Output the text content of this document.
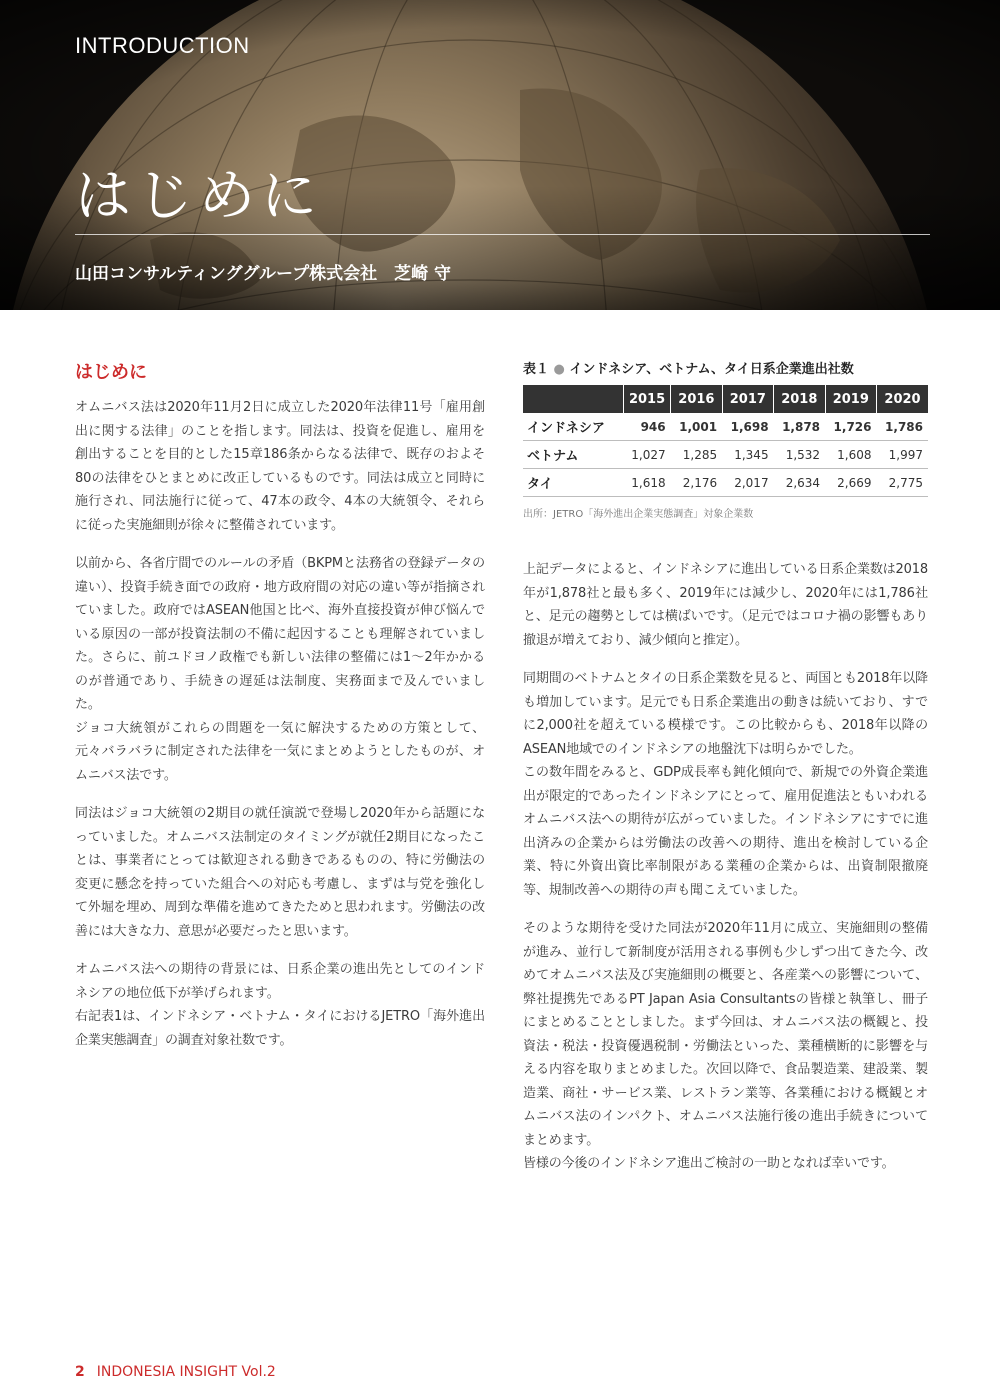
INTRODUCTION
はじめに

山田コンサルティンググループ株式会社　芝崎 守

はじめに

オムニバス法は2020年11月2日に成立した2020年法律11号「雇用創出に関する法律」のことを指します。同法は、投資を促進し、雇用を創出することを目的とした15章186条からなる法律で、既存のおよそ80の法律をひとまとめに改正しているものです。同法は成立と同時に施行され、同法施行に従って、47本の政令、4本の大統領令、それらに従った実施細則が徐々に整備されています。

以前から、各省庁間でのルールの矛盾（BKPMと法務省の登録データの違い）、投資手続き面での政府・地方政府間の対応の違い等が指摘されていました。政府ではASEAN他国と比べ、海外直接投資が伸び悩んでいる原因の一部が投資法制の不備に起因することも理解されていました。さらに、前ユドヨノ政権でも新しい法律の整備には1〜2年かかるのが普通であり、手続きの遅延は法制度、実務面まで及んでいました。

ジョコ大統領がこれらの問題を一気に解決するための方策として、元々バラバラに制定された法律を一気にまとめようとしたものが、オムニバス法です。

同法はジョコ大統領の2期目の就任演説で登場し2020年から話題になっていました。オムニバス法制定のタイミングが就任2期目になったことは、事業者にとっては歓迎される動きであるものの、特に労働法の変更に懸念を持っていた組合への対応も考慮し、まずは与党を強化して外堀を埋め、周到な準備を進めてきたためと思われます。労働法の改善には大きな力、意思が必要だったと思います。

オムニバス法への期待の背景には、日系企業の進出先としてのインドネシアの地位低下が挙げられます。

右記表1は、インドネシア・ベトナム・タイにおけるJETRO「海外進出企業実態調査」の調査対象社数です。

表１ ● インドネシア、ベトナム、タイ日系企業進出社数

	2015	2016	2017	2018	2019	2020
インドネシア	946	1,001	1,698	1,878	1,726	1,786
ベトナム	1,027	1,285	1,345	1,532	1,608	1,997
タイ	1,618	2,176	2,017	2,634	2,669	2,775

出所：JETRO「海外進出企業実態調査」対象企業数

上記データによると、インドネシアに進出している日系企業数は2018年が1,878社と最も多く、2019年には減少し、2020年には1,786社と、足元の趨勢としては横ばいです。（足元ではコロナ禍の影響もあり撤退が増えており、減少傾向と推定）。

同期間のベトナムとタイの日系企業数を見ると、両国とも2018年以降も増加しています。足元でも日系企業進出の動きは続いており、すでに2,000社を超えている模様です。この比較からも、2018年以降のASEAN地域でのインドネシアの地盤沈下は明らかでした。

この数年間をみると、GDP成長率も鈍化傾向で、新規での外資企業進出が限定的であったインドネシアにとって、雇用促進法ともいわれるオムニバス法への期待が広がっていました。インドネシアにすでに進出済みの企業からは労働法の改善への期待、進出を検討している企業、特に外資出資比率制限がある業種の企業からは、出資制限撤廃等、規制改善への期待の声も聞こえていました。

そのような期待を受けた同法が2020年11月に成立、実施細則の整備が進み、並行して新制度が活用される事例も少しずつ出てきた今、改めてオムニバス法及び実施細則の概要と、各産業への影響について、弊社提携先であるPT Japan Asia Consultantsの皆様と執筆し、冊子にまとめることとしました。まず今回は、オムニバス法の概観と、投資法・税法・投資優遇税制・労働法といった、業種横断的に影響を与える内容を取りまとめました。次回以降で、食品製造業、建設業、製造業、商社・サービス業、レストラン業等、各業種における概観とオムニバス法のインパクト、オムニバス法施行後の進出手続きについてまとめます。

皆様の今後のインドネシア進出ご検討の一助となれば幸いです。

2 INDONESIA INSIGHT Vol.2
